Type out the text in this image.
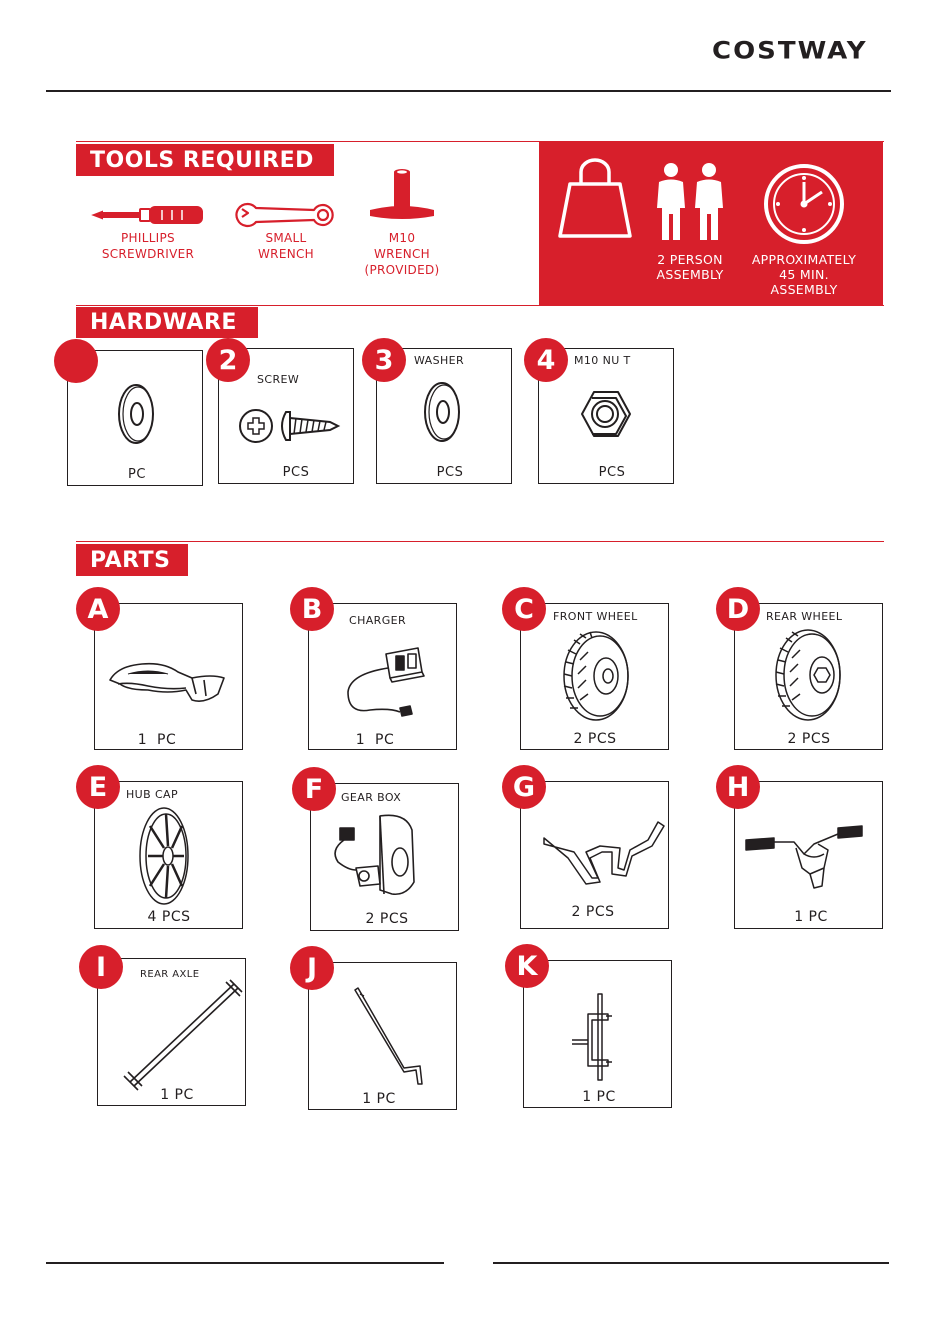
COSTWAY
TOOLS REQUIRED
PHILLIPS
SCREWDRIVER
SMALL
WRENCH
M10
WRENCH
(PROVIDED)
2 PERSON
ASSEMBLY
APPROXIMATELY
45 MIN.
ASSEMBLY
HARDWARE
PC
2
SCREW
PCS
3	WASHER
PCS
4	M10 NU T
PCS
PARTS
A
1  PC
B	CHARGER
1  PC
C	FRONT WHEEL
2 PCS
D	REAR WHEEL
2 PCS
E	HUB CAP
4 PCS
F	GEAR BOX
2 PCS
G
2 PCS
H
1 PC
I	REAR AXLE
1 PC
J
1 PC
K
1 PC
